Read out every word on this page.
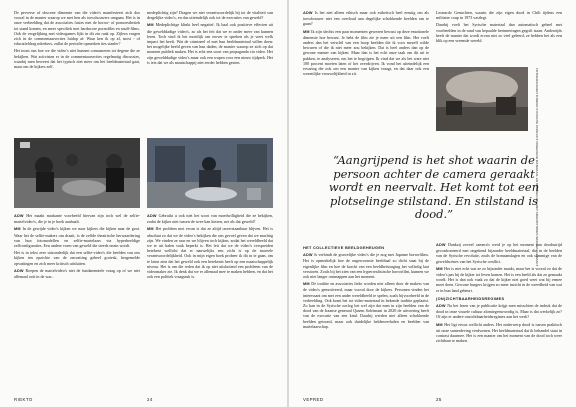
De perverse of obscene dimensie van die video's manifesteert zich dus vooral in de manier waarop we met hen als toeschouwers omgaan. Het is in onze verbeelding dat de associaties fusies met de horror- of pornoesthetiek tot stand komen, en meer specifiek met harducore pornofilm en snuff-films. Ook de vergelijking met videogames lijkt in dit zin raak op. Zijlern vragen zich in de commentaarsecties luidop af: Waar ken ik op af, most - of educatiefdrag ndoekers, zullat de periodie opmerken ties stanler?

Het toont ons hoe we die video's niet kunnen consumeren tot degene die ze bekijken. Wat activisten er in de commentaarsecties regelmatig discussies, waarbij men beweert dat het typisch niet meer om het beeldmateriaal gaat, maar om de kijkers zelf.

ADW Het maakt markante voorbeeld hiervan zijn toch wel de selfie-martelvideo's, die je in je boek aanhaalt.

MM In de gewijde video's kijken we naar kijkers die kijken naar de goot. Waar het de selfie-makers om draait, is de zelfde theatrische herwaardering van hun fotomodellen en selfie-martelaars via hyperbeeldige zelfconfiguraties. Een andere vorm van geweld die steeds onzin wordt.

Het is in tekst zeer uitzonderlijk dat een selfie-video's die beelden van ons kijken ten opzichte van de omvatting geheel grotesk, hergemelde opvattingen en zich meer kritisch uitsluiten.

ADW Roepen de martelvideo's niet de fundamentele vraag op of we niet allemaal ooit in de war...

medeplichtig zijn? Dragen we niet verantwoordelijk bij tot de vitaliteit van dergelijke video's, en dus uiteindelijk ook tot de executies van geweld?

MM Medeplichtige klinkt heel negatief. Ik haal ook positieve effecten uit die gewelddadige video's, zo als het feit dat we er onder meer van kunnen leren. Toch vind ik het moeilijk om erover te spreken als je weet welk impact het heeft. Wat de crimineel of met hun beeldmateriaal willen doen: het mogelijke beeld geven van hun daden, de manier waarop ze zich op dat moment publiek maken. Het is echt een soort van propaganda via video. Het zijn gewelddadige video's maar ook een wapen voor een nieuw tijdperk. Het is iets dat we als maatschappij niet eerder hebben gezien.

ADW Gebruikt u ook niet het soort van moedwilligheid die ze bekijken, zodat de kijker niet tussen de twee kan kiezen, net als dat geweld?

MM Het problem met ervan is dat ze altijd onverstaanbaar blijven. Het is absoluut zo dat we de video's bekijken die ons gevoel geven dat we machtig zijn. We vinden ze raar en we blijven toch kijken, zodat het wereldbeeld dat we er uit halen vaak beperkt is. Het feit dat we de video's verspreiden betekent wellicht dat er nauwelijks een zicht is op de moreele verantwoordelijkheid. Ook in mijn eigen boek probeer ik dit in te gaan, om te laten zien dat het geweld ook een betekenis heeft op een maatschappelijk niveau. Het is om die reden dat ik op niet uitsluitend een probleem van de videomaker zie. Ik denk dat we er allemaal mee te maken hebben, en dat het ook een politiek vraagstuk is.

RIEKTO	24

ADW Is het niet alleen ethisch maar ook esthetisch heel ernstig om als toeschouwer niet een overload aan degelijke schokkende beelden om te gaan?

MM Ik zijn slechts een paar momenten gewezen bewust op deze emotionele dimensie hoe bewust. Je hebt de film zie je meer uit een film. Het voelt anders dan het verschil van een hoop beelden die ik voor mezelf wilde bewaren of die ik niet meer zou bekijken. Dat is heel anders dan op de gewone manier van kijken. Maar dan is het echt onze taak om dit uit te pakken, te analyseren, om het te begrijpen. Ik vind dat we als het ware niet 100 procent moeten laten of het overdrijven. Ik vond het uiteindelijk een ervaring die ook om een manier van kijken vraagt, en dat daar ook een wezenlijke vrouwelijkheid in zit.

Leonardo Genuchten, waarin die zijn eigen dood in Chili tijdens een militaire coup in 1973 vastlegt.

Daarbij voelt het Syrische materiaal dan automatisch geheel met voorbeelden in de rand van bepaalde herinneringen gegrift staan. Anderzijds heeft de manier dat wordt ervan niet zo veel geleerd, ze hebben het als een blik op een vreemde wereld.

FOTOGRAFEREN TIJDENS SYRISCHE CONFLICT ONGEKEND MATERIAAL EN BEELDEN DIE MET SMARTPHONES WORDEN GEMAAKT
“Aangrijpend is het shot waarin de persoon achter de camera geraakt wordt en neervalt. Het komt tot een plotselinge stilstand. En stilstand is dood.”

HET COLLECTIEVE BEELDGEHEUGEN

ADW Is verbindt de gruwelijke video's die je nog met Japanse horrorfilms. Het is opmerkelijk hoe de ongewoonste beeldtaal zo dicht staat bij de eigenlijke film en hoe de kracht van een beeldheisturging het volledig laat verstoren. Zoals bij het zien van een hyperrealistische horrorfilm, kunnen we ook niet langer ontsnappen aan het moment.

MM De traditie en associaties lieke worden niet alleen door de makers van de video's gemotiveerd, maar vooral door de kijkers. Personen vinden het interessant om met een ander wereldbeeld te spelen, zoals bijvoorbeeld in de verbeelding. Ook komt het tot video-materiaal in bekende traditie geplaatst. Zo kan in de Syrische oorlog het wel zijn dat men in zijn beelden van de dood van de Iraanse generaal Qasem Soleimani in 2020 de uitvoering heeft van de executie van een kind. Daarbij werden niet alleen schokkende beelden getoond, maar ook duidelijke heldenverhalen en beelden van martelaarschap.

ADW Dankzij zoveel camera's werd je op het moment van doodsstrijd geconfronteerd met ongekend bijzonder beeldmateriaal, die in de beelden van de Syrische revolutie, zoals de bomaanslagen en ook sommige van de geweldscènes van het Syrische conflict.

MM Het is niet echt wat ze zo bijzonder maakt, maar het is vooral zo dat de video's pas bij de kijker tot leven komen. Het is een beeld als dat zo gemaakt wordt. Het is dan ook vaak zo dat de kijker niet goed weet wat hij ermee moet doen. Gewone burgers krijgen zo meer inzicht in de wreedheid van wat er in hun land gebeurt.

(ON)ZICHTBAARHEIDSREGIMES

ADW Na het lezen van je publicatie krijgt men misschien de indruk dat de dood in onze visuele cultuur alomtegenwoordig is. Maar is dat werkelijk zo? Of zijn er andere onzichtbaarheidsregimes aan het werk?

MM Het ligt etwas wellicht anders. Het onderwerp dood is tussen praktisch uit onze samenleving verdwenen. Het beeldmateriaal dat ik behandel staat in contrast daarmee. Het is een manier om het moment van de dood toch weer zichtbaar te maken.

VEPRED	25
